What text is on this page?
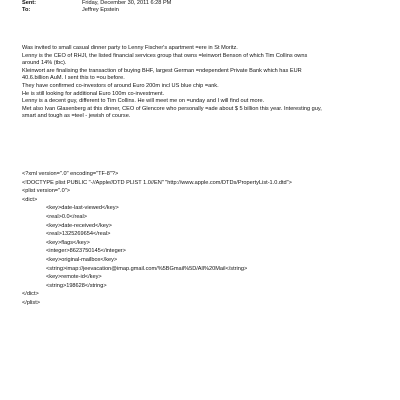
Sent:	Friday, December 30, 2011 6:28 PM
To:	Jeffrey Epstein
Was invited to small casual dinner party to Lenny Fischer's apartment =ere in St Moritz.
Lenny is the CEO of RHJI, the listed financial services group that owns =leinwort Benson of which Tim Collins owns
around 14% (tbc).
Kleinwort are finalising the transaction of buying BHF, largest German =ndependent Private Bank which has EUR
40.6.billion AuM. I sent this to =ou before.
They have confirmed co-investors of around Euro 200m incl US blue chip =ank.
He is still looking for additional Euro 100m co-investment.
Lenny is a decent guy, different to Tim Collins. He will meet me on =unday and I will find out more.
Met also Ivan Glasenberg at this dinner, CEO of Glencore who personally =ade about $ 5 billion this year. Interesting guy,
smart and tough as =teel - jewish of course.
<?xml version=".0" encoding="TF-8"?>
<!DOCTYPE plist PUBLIC "-//Apple//DTD PLIST 1.0//EN" "http://www.apple.com/DTDs/PropertyList-1.0.dtd">
<plist version=".0">
<dict>
<key>date-last-viewed</key>
<real>0.0</real>
<key>date-received</key>
<real>1325269654</real>
<key>flags</key>
<integer>8623750145</integer>
<key>original-mailbox</key>
<string>imap://jeevacation@imap.gmail.com/%5BGmail%5D/All%20Mail</string>
<key>remote-id</key>
<string>198628</string>
</dict>
</plist>
